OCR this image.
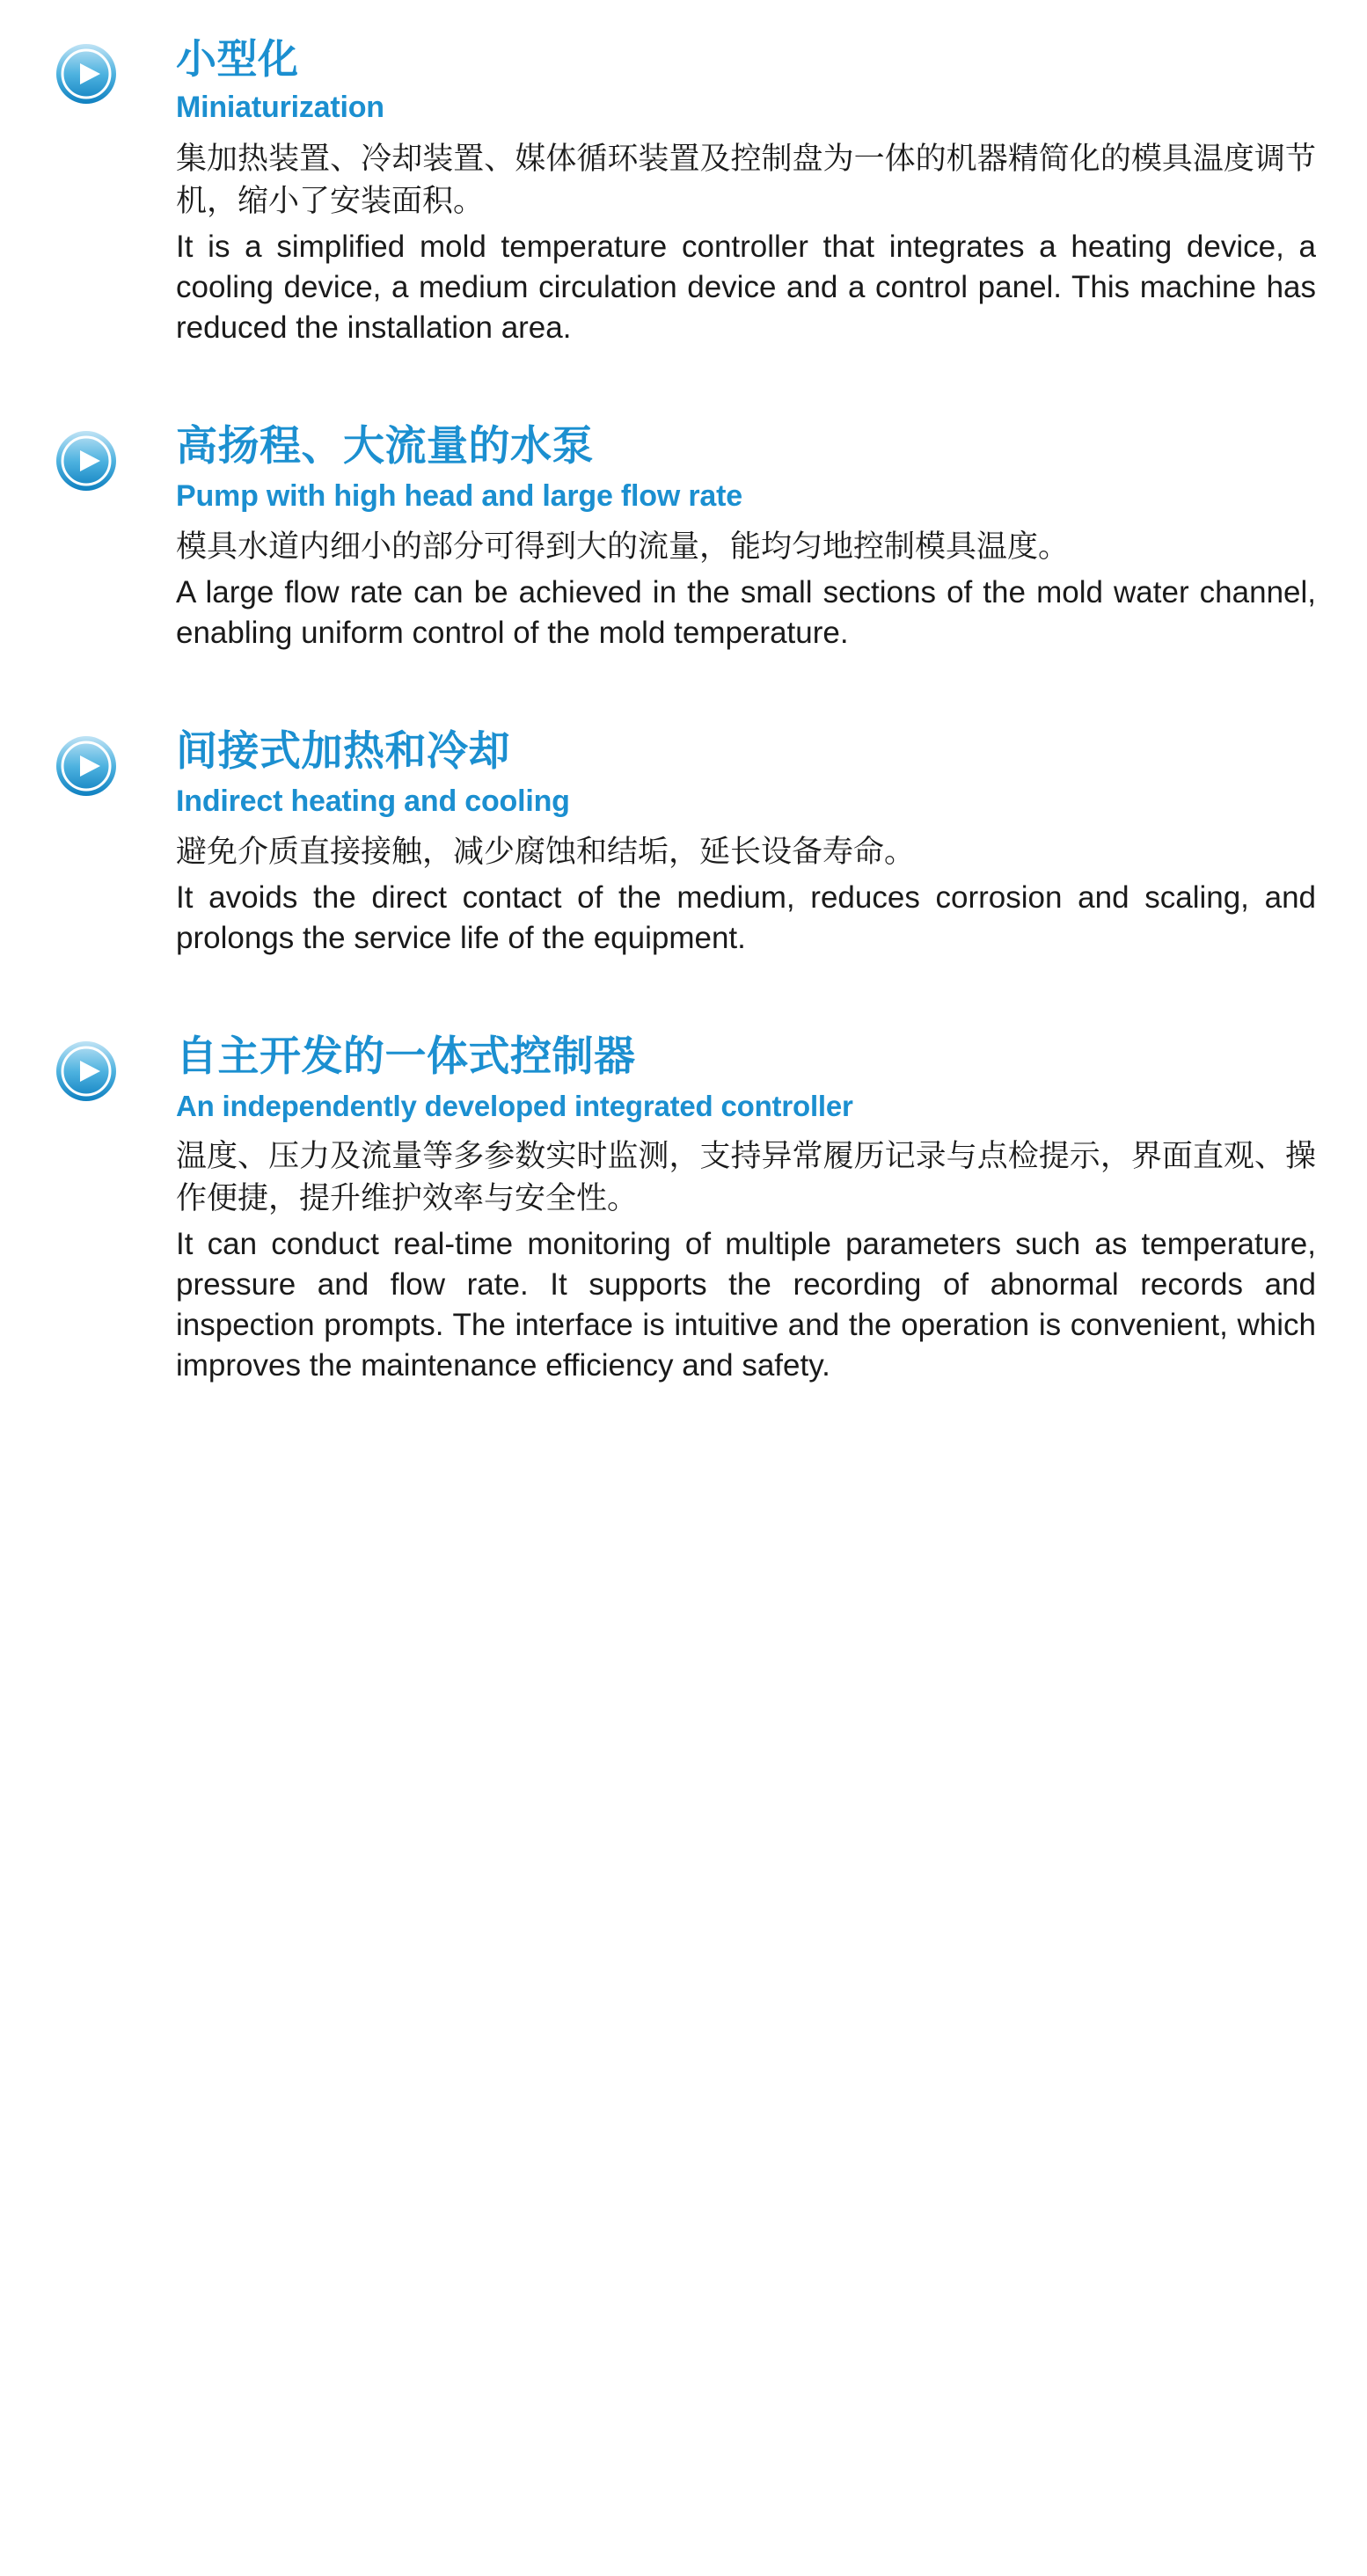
小型化
Miniaturization

集加热装置、冷却装置、媒体循环装置及控制盘为一体的机器精简化的模具温度调节机，缩小了安装面积。

It is a simplified mold temperature controller that integrates a heating device, a cooling device, a medium circulation device and a control panel. This machine has reduced the installation area.

高扬程、大流量的水泵
Pump with high head and large flow rate

模具水道内细小的部分可得到大的流量，能均匀地控制模具温度。

A large flow rate can be achieved in the small sections of the mold water channel, enabling uniform control of the mold temperature.

间接式加热和冷却
Indirect heating and cooling

避免介质直接接触，减少腐蚀和结垢，延长设备寿命。

It avoids the direct contact of the medium, reduces corrosion and scaling, and prolongs the service life of the equipment.

自主开发的一体式控制器
An independently developed integrated controller

温度、压力及流量等多参数实时监测，支持异常履历记录与点检提示，界面直观、操作便捷，提升维护效率与安全性。

It can conduct real-time monitoring of multiple parameters such as temperature, pressure and flow rate. It supports the recording of abnormal records and inspection prompts. The interface is intuitive and the operation is convenient, which improves the maintenance efficiency and safety.
